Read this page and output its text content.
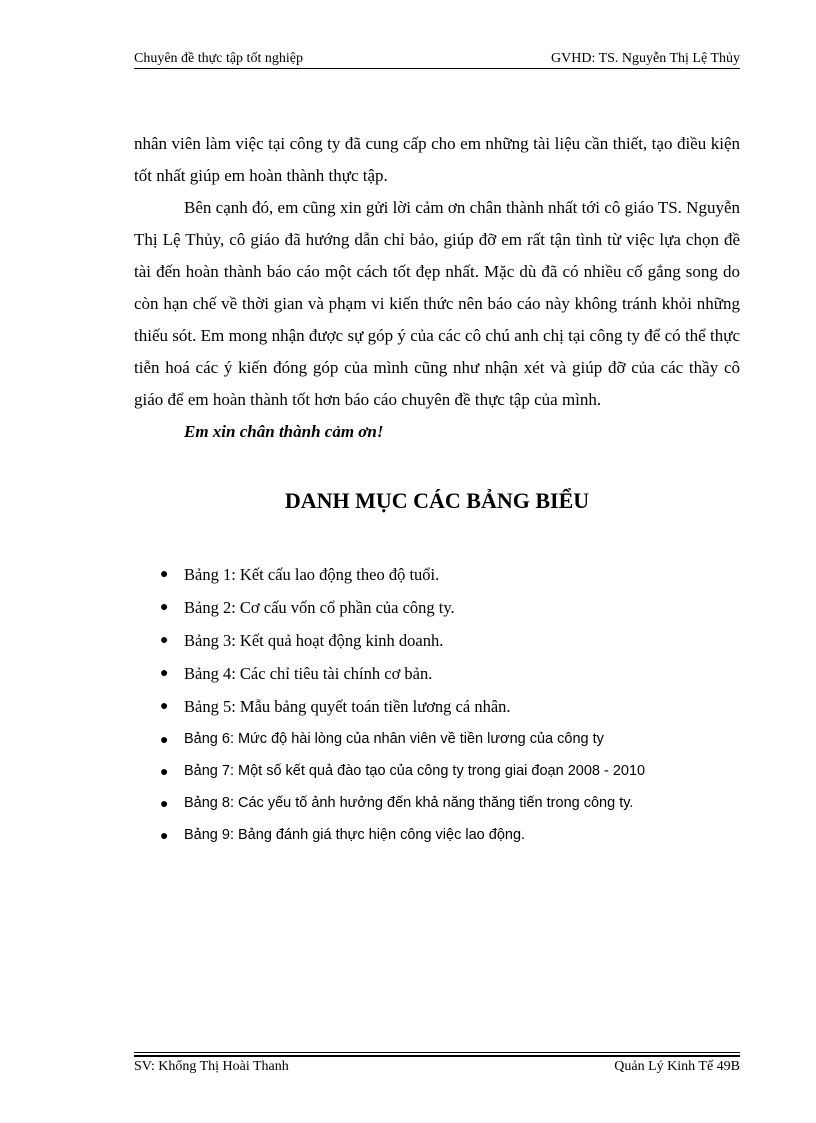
Chuyên đề thực tập tốt nghiệp	GVHD: TS. Nguyễn Thị Lệ Thủy

nhân viên làm việc tại công ty đã cung cấp cho em những tài liệu cần thiết, tạo điều kiện tốt nhất giúp em hoàn thành thực tập.

Bên cạnh đó, em cũng xin gửi lời cảm ơn chân thành nhất tới cô giáo TS. Nguyễn Thị Lệ Thủy, cô giáo đã hướng dẫn chỉ bảo, giúp đỡ em rất tận tình từ việc lựa chọn đề tài đến hoàn thành báo cáo một cách tốt đẹp nhất. Mặc dù đã có nhiều cố gắng song do còn hạn chế về thời gian và phạm vi kiến thức nên báo cáo này không tránh khỏi những thiếu sót. Em mong nhận được sự góp ý của các cô chú anh chị tại công ty để có thể thực tiễn hoá các ý kiến đóng góp của mình cũng như nhận xét và giúp đỡ của các thầy cô giáo để em hoàn thành tốt hơn báo cáo chuyên đề thực tập của mình.

Em xin chân thành cảm ơn!

DANH MỤC CÁC BẢNG BIỂU
● Bảng 1: Kết cấu lao động theo độ tuổi.
● Bảng 2: Cơ cấu vốn cổ phần của công ty.
● Bảng 3: Kết quả hoạt động kinh doanh.
● Bảng 4: Các chỉ tiêu tài chính cơ bản.
● Bảng 5: Mẫu bảng quyết toán tiền lương cá nhân.
● Bảng 6: Mức độ hài lòng của nhân viên về tiền lương của công ty
● Bảng 7: Một số kết quả đào tạo của công ty trong giai đoạn 2008 - 2010
● Bảng 8: Các yếu tố ảnh hưởng đến khả năng thăng tiến trong công ty.
● Bảng 9: Bảng đánh giá thực hiện công việc lao động.
SV: Khổng Thị Hoài Thanh	Quản Lý Kinh Tế 49B
